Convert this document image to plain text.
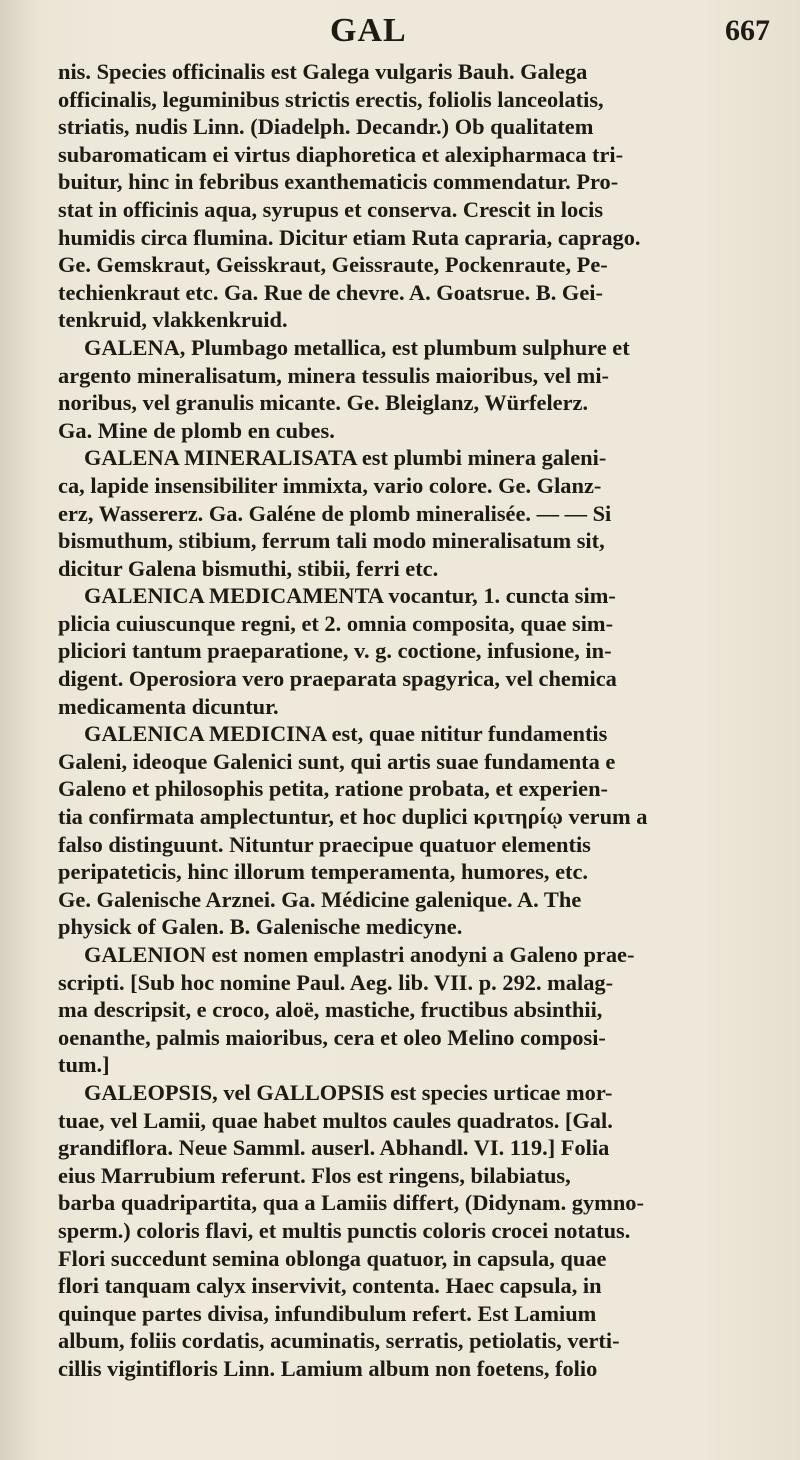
GAL	667
nis. Species officinalis est Galega vulgaris Bauh. Galega
officinalis, leguminibus strictis erectis, foliolis lanceolatis,
striatis, nudis Linn. (Diadelph. Decandr.) Ob qualitatem
subaromaticam ei virtus diaphoretica et alexipharmaca tri-
buitur, hinc in febribus exanthematicis commendatur. Pro-
stat in officinis aqua, syrupus et conserva. Crescit in locis
humidis circa flumina. Dicitur etiam Ruta capraria, caprago.
Ge. Gemskraut, Geisskraut, Geissraute, Pockenraute, Pe-
techienkraut etc. Ga. Rue de chevre. A. Goatsrue. B. Gei-
tenkruid, vlakkenkruid.
GALENA, Plumbago metallica, est plumbum sulphure et
argento mineralisatum, minera tessulis maioribus, vel mi-
noribus, vel granulis micante. Ge. Bleiglanz, Würfelerz.
Ga. Mine de plomb en cubes.
GALENA MINERALISATA est plumbi minera galeni-
ca, lapide insensibiliter immixta, vario colore. Ge. Glanz-
erz, Wassererz. Ga. Galéne de plomb mineralisée. — — Si
bismuthum, stibium, ferrum tali modo mineralisatum sit,
dicitur Galena bismuthi, stibii, ferri etc.
GALENICA MEDICAMENTA vocantur, 1. cuncta sim-
plicia cuiuscunque regni, et 2. omnia composita, quae sim-
pliciori tantum praeparatione, v. g. coctione, infusione, in-
digent. Operosiora vero praeparata spagyrica, vel chemica
medicamenta dicuntur.
GALENICA MEDICINA est, quae nititur fundamentis
Galeni, ideoque Galenici sunt, qui artis suae fundamenta e
Galeno et philosophis petita, ratione probata, et experien-
tia confirmata amplectuntur, et hoc duplici κριτηρίῳ verum a
falso distinguunt. Nituntur praecipue quatuor elementis
peripateticis, hinc illorum temperamenta, humores, etc.
Ge. Galenische Arznei. Ga. Médicine galenique. A. The
physick of Galen. B. Galenische medicyne.
GALENION est nomen emplastri anodyni a Galeno prae-
scripti. [Sub hoc nomine Paul. Aeg. lib. VII. p. 292. malag-
ma descripsit, e croco, aloë, mastiche, fructibus absinthii,
oenanthe, palmis maioribus, cera et oleo Melino composi-
tum.]
GALEOPSIS, vel GALLOPSIS est species urticae mor-
tuae, vel Lamii, quae habet multos caules quadratos. [Gal.
grandiflora. Neue Samml. auserl. Abhandl. VI. 119.] Folia
eius Marrubium referunt. Flos est ringens, bilabiatus,
barba quadripartita, qua a Lamiis differt, (Didynam. gymno-
sperm.) coloris flavi, et multis punctis coloris crocei notatus.
Flori succedunt semina oblonga quatuor, in capsula, quae
flori tanquam calyx inservivit, contenta. Haec capsula, in
quinque partes divisa, infundibulum refert. Est Lamium
album, foliis cordatis, acuminatis, serratis, petiolatis, verti-
cillis vigintifloris Linn. Lamium album non foetens, folio
